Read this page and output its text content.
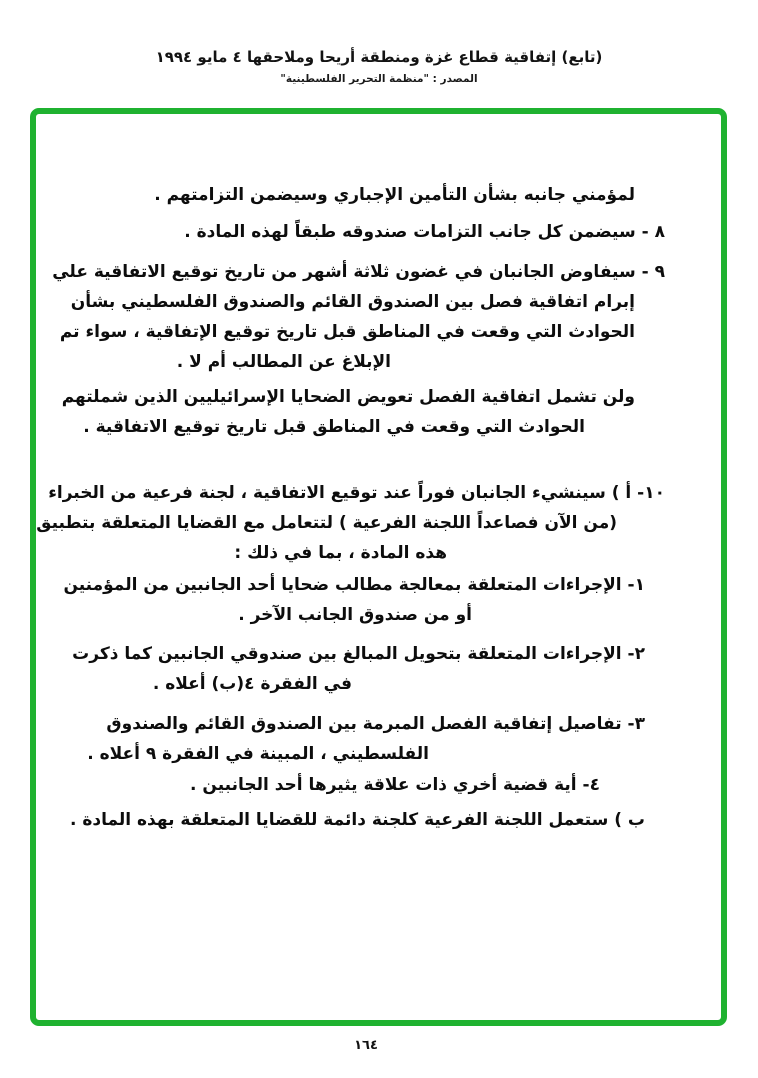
(تابع) إتفاقية قطاع غزة ومنطقة أريحا وملاحقها ٤ مايو ١٩٩٤
المصدر : "منظمة التحرير الفلسطينية"
لمؤمني جانبه بشأن التأمين الإجباري وسيضمن التزامتهم .
٨ - سيضمن كل جانب التزامات صندوقه طبقاً لهذه المادة .
٩ - سيفاوض الجانبان في غضون ثلاثة أشهر من تاريخ توقيع الاتفاقية علي
إبرام اتفاقية فصل بين الصندوق القائم والصندوق الفلسطيني بشأن
الحوادث التي وقعت في المناطق قبل تاريخ توقيع الإتفاقية ، سواء تم
الإبلاغ عن المطالب أم لا .
ولن تشمل اتفاقية الفصل تعويض الضحايا الإسرائيليين الذين شملتهم
الحوادث التي وقعت في المناطق قبل تاريخ توقيع الاتفاقية .
١٠- أ ) سينشيء الجانبان فوراً عند توقيع الاتفاقية ، لجنة فرعية من الخبراء
(من الآن فصاعداً اللجنة الفرعية ) لتتعامل مع القضايا المتعلقة بتطبيق
هذه المادة ، بما في ذلك :
١- الإجراءات المتعلقة بمعالجة مطالب ضحايا أحد الجانبين من المؤمنين
أو من صندوق الجانب الآخر .
٢- الإجراءات المتعلقة بتحويل المبالغ بين صندوقي الجانبين كما ذكرت
في الفقرة ٤(ب) أعلاه .
٣- تفاصيل إتفاقية الفصل المبرمة بين الصندوق القائم والصندوق
الفلسطيني ، المبينة في الفقرة ٩ أعلاه .
٤- أية قضية أخري ذات علاقة يثيرها أحد الجانبين .
ب ) ستعمل اللجنة الفرعية كلجنة دائمة للقضايا المتعلقة بهذه المادة .
١٦٤
